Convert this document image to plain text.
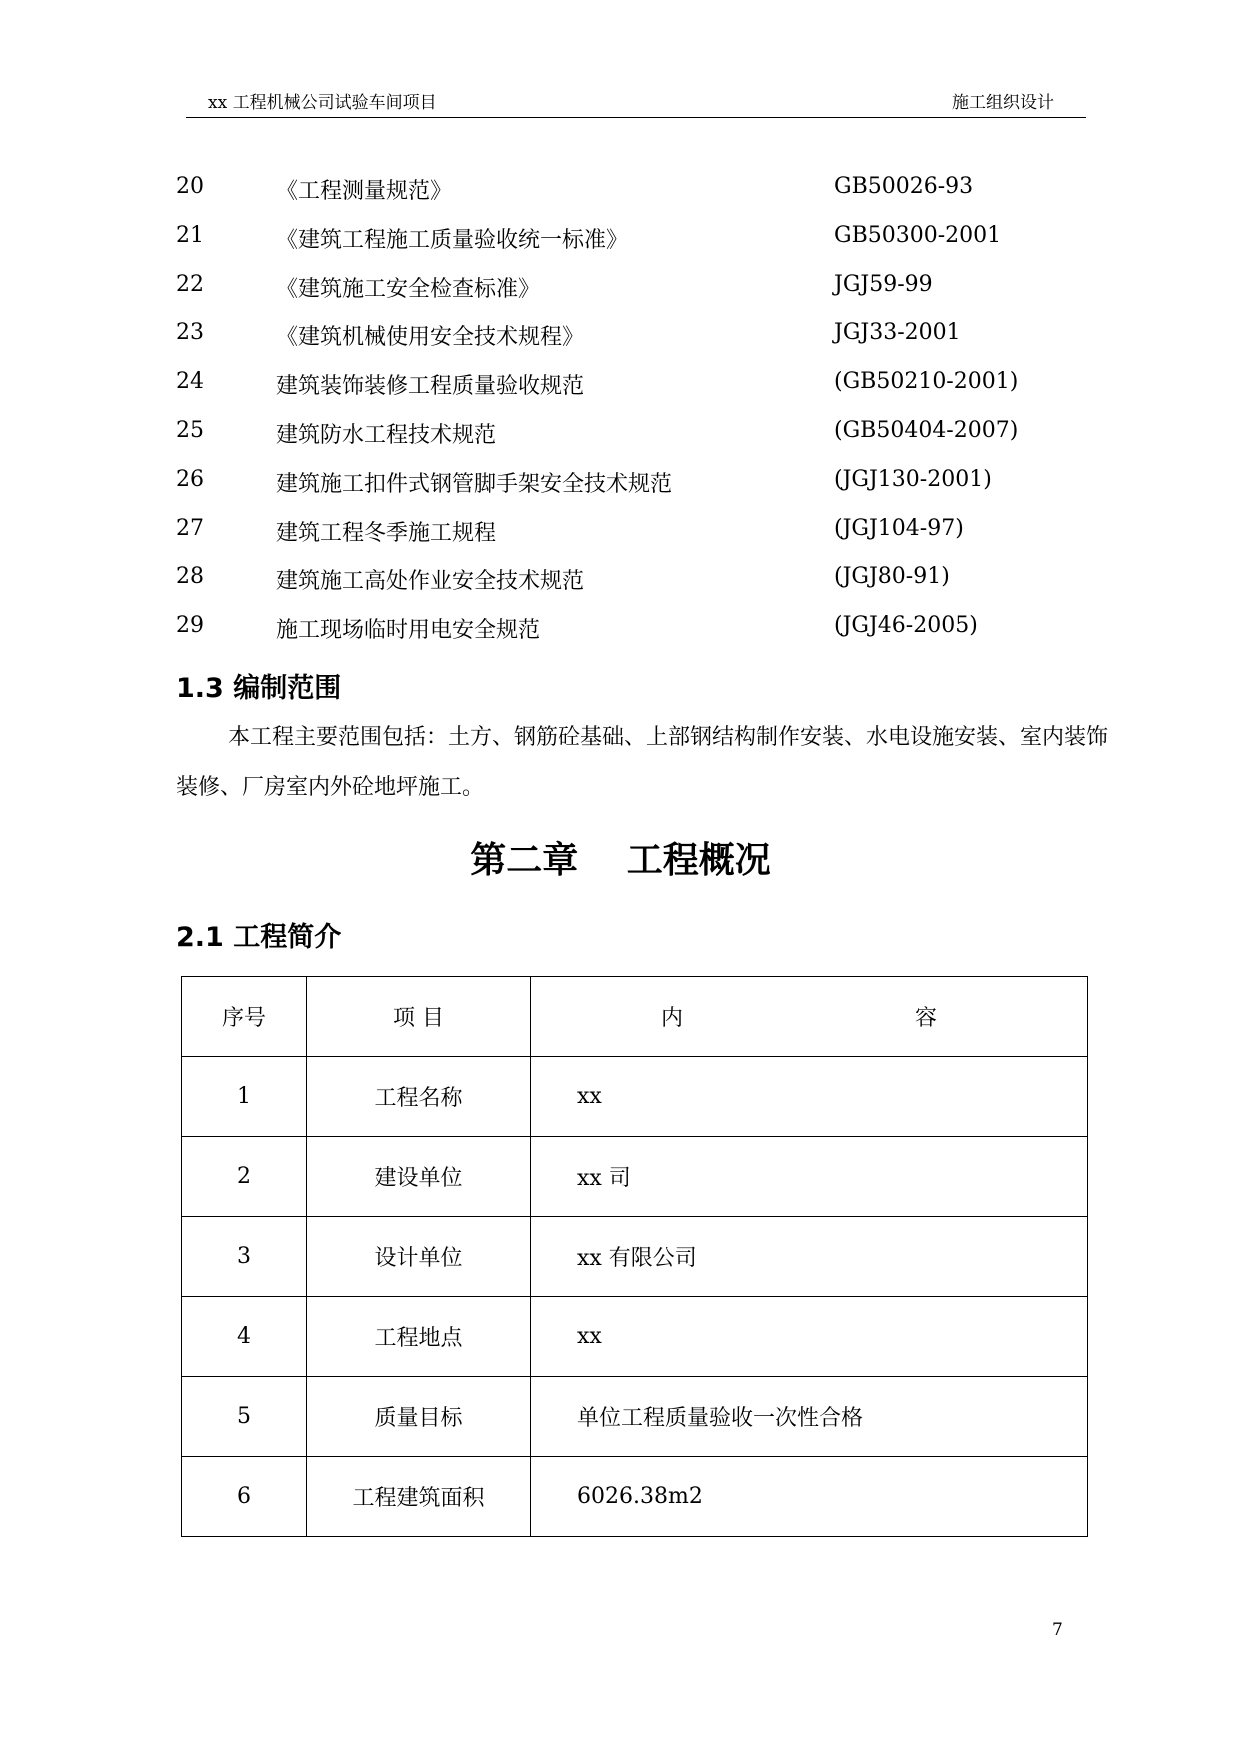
xx 工程机械公司试验车间项目	施工组织设计
20	《工程测量规范》	GB50026-93
21	《建筑工程施工质量验收统一标准》	GB50300-2001
22	《建筑施工安全检查标准》	JGJ59-99
23	《建筑机械使用安全技术规程》	JGJ33-2001
24	建筑装饰装修工程质量验收规范	(GB50210-2001)
25	建筑防水工程技术规范	(GB50404-2007)
26	建筑施工扣件式钢管脚手架安全技术规范	(JGJ130-2001)
27	建筑工程冬季施工规程	(JGJ104-97)
28	建筑施工高处作业安全技术规范	(JGJ80-91)
29	施工现场临时用电安全规范	(JGJ46-2005)
1.3 编制范围
本工程主要范围包括：土方、钢筋砼基础、上部钢结构制作安装、水电设施安装、室内装饰装修、厂房室内外砼地坪施工。
第二章 工程概况
2.1 工程简介
序号	项 目	内 容

1	工程名称	xx
2	建设单位	xx 司
3	设计单位	xx 有限公司
4	工程地点	xx
5	质量目标	单位工程质量验收一次性合格
6	工程建筑面积	6026.38m2
7
